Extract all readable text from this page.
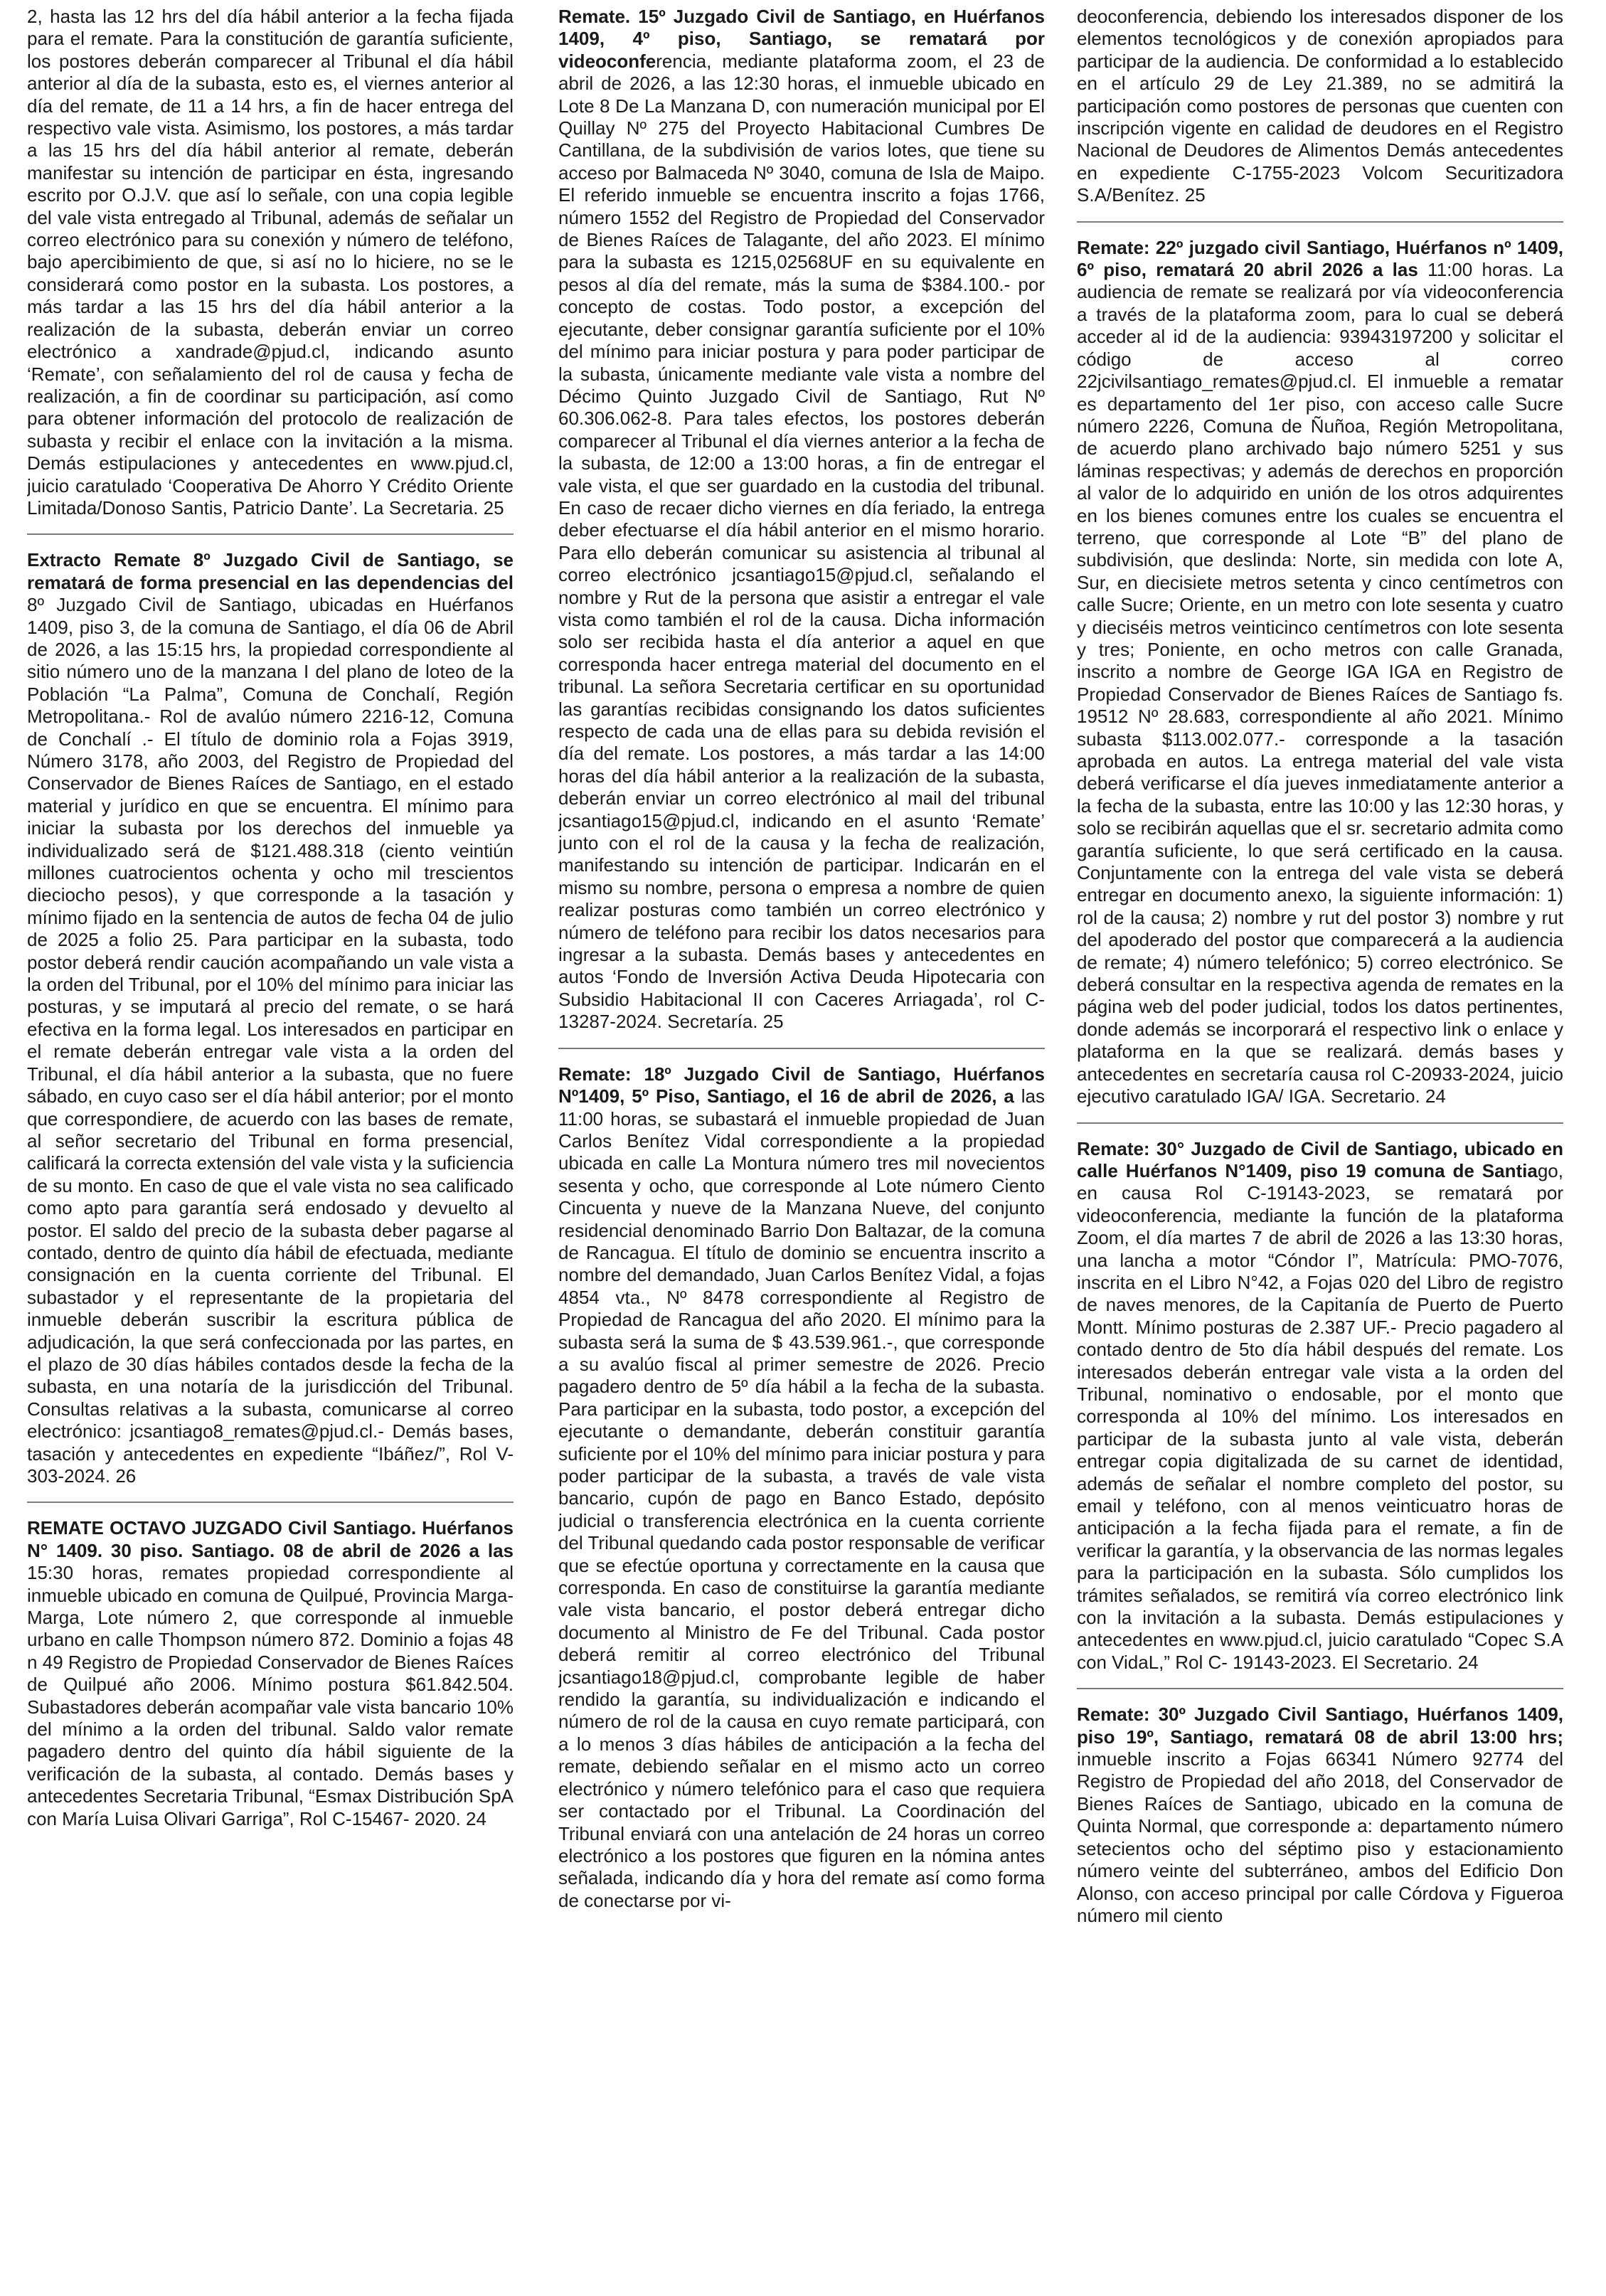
2, hasta las 12 hrs del día hábil anterior a la fecha fijada para el remate. Para la constitución de garantía suficiente, los postores deberán comparecer al Tribunal el día hábil anterior al día de la subasta, esto es, el viernes anterior al día del remate, de 11 a 14 hrs, a fin de hacer entrega del respectivo vale vista. Asimismo, los postores, a más tardar a las 15 hrs del día hábil anterior al remate, deberán manifestar su intención de participar en ésta, ingresando escrito por O.J.V. que así lo señale, con una copia legible del vale vista entregado al Tribunal, además de señalar un correo electrónico para su conexión y número de teléfono, bajo apercibimiento de que, si así no lo hiciere, no se le considerará como postor en la subasta. Los postores, a más tardar a las 15 hrs del día hábil anterior a la realización de la subasta, deberán enviar un correo electrónico a xandrade@pjud.cl, indicando asunto ‘Remate’, con señalamiento del rol de causa y fecha de realización, a fin de coordinar su participación, así como para obtener información del protocolo de realización de subasta y recibir el enlace con la invitación a la misma. Demás estipulaciones y antecedentes en www.pjud.cl, juicio caratulado ‘Cooperativa De Ahorro Y Crédito Oriente Limitada/Donoso Santis, Patricio Dante’. La Secretaria. 25

Extracto Remate 8º Juzgado Civil de Santiago, se rematará de forma presencial en las dependencias del 8º Juzgado Civil de Santiago, ubicadas en Huérfanos 1409, piso 3, de la comuna de Santiago, el día 06 de Abril de 2026, a las 15:15 hrs, la propiedad correspondiente al sitio número uno de la manzana I del plano de loteo de la Población “La Palma”, Comuna de Conchalí, Región Metropolitana.- Rol de avalúo número 2216-12, Comuna de Conchalí .- El título de dominio rola a Fojas 3919, Número 3178, año 2003, del Registro de Propiedad del Conservador de Bienes Raíces de Santiago, en el estado material y jurídico en que se encuentra. El mínimo para iniciar la subasta por los derechos del inmueble ya individualizado será de $121.488.318 (ciento veintiún millones cuatrocientos ochenta y ocho mil trescientos dieciocho pesos), y que corresponde a la tasación y mínimo fijado en la sentencia de autos de fecha 04 de julio de 2025 a folio 25. Para participar en la subasta, todo postor deberá rendir caución acompañando un vale vista a la orden del Tribunal, por el 10% del mínimo para iniciar las posturas, y se imputará al precio del remate, o se hará efectiva en la forma legal. Los interesados en participar en el remate deberán entregar vale vista a la orden del Tribunal, el día hábil anterior a la subasta, que no fuere sábado, en cuyo caso ser el día hábil anterior; por el monto que correspondiere, de acuerdo con las bases de remate, al señor secretario del Tribunal en forma presencial, calificará la correcta extensión del vale vista y la suficiencia de su monto. En caso de que el vale vista no sea calificado como apto para garantía será endosado y devuelto al postor. El saldo del precio de la subasta deber pagarse al contado, dentro de quinto día hábil de efectuada, mediante consignación en la cuenta corriente del Tribunal. El subastador y el representante de la propietaria del inmueble deberán suscribir la escritura pública de adjudicación, la que será confeccionada por las partes, en el plazo de 30 días hábiles contados desde la fecha de la subasta, en una notaría de la jurisdicción del Tribunal. Consultas relativas a la subasta, comunicarse al correo electrónico: jcsantiago8_remates@pjud.cl.- Demás bases, tasación y antecedentes en expediente “Ibáñez/”, Rol V-303-2024. 26

REMATE OCTAVO JUZGADO Civil Santiago. Huérfanos N° 1409. 30 piso. Santiago. 08 de abril de 2026 a las 15:30 horas, remates propiedad correspondiente al inmueble ubicado en comuna de Quilpué, Provincia Marga- Marga, Lote número 2, que corresponde al inmueble urbano en calle Thompson número 872. Dominio a fojas 48 n 49 Registro de Propiedad Conservador de Bienes Raíces de Quilpué año 2006. Mínimo postura $61.842.504. Subastadores deberán acompañar vale vista bancario 10% del mínimo a la orden del tribunal. Saldo valor remate pagadero dentro del quinto día hábil siguiente de la verificación de la subasta, al contado. Demás bases y antecedentes Secretaria Tribunal, “Esmax Distribución SpA con María Luisa Olivari Garriga”, Rol C-15467- 2020. 24

Remate. 15º Juzgado Civil de Santiago, en Huérfanos 1409, 4º piso, Santiago, se rematará por videoconferencia, mediante plataforma zoom, el 23 de abril de 2026, a las 12:30 horas, el inmueble ubicado en Lote 8 De La Manzana D, con numeración municipal por El Quillay Nº 275 del Proyecto Habitacional Cumbres De Cantillana, de la subdivisión de varios lotes, que tiene su acceso por Balmaceda Nº 3040, comuna de Isla de Maipo. El referido inmueble se encuentra inscrito a fojas 1766, número 1552 del Registro de Propiedad del Conservador de Bienes Raíces de Talagante, del año 2023. El mínimo para la subasta es 1215,02568UF en su equivalente en pesos al día del remate, más la suma de $384.100.- por concepto de costas. Todo postor, a excepción del ejecutante, deber consignar garantía suficiente por el 10% del mínimo para iniciar postura y para poder participar de la subasta, únicamente mediante vale vista a nombre del Décimo Quinto Juzgado Civil de Santiago, Rut Nº 60.306.062-8. Para tales efectos, los postores deberán comparecer al Tribunal el día viernes anterior a la fecha de la subasta, de 12:00 a 13:00 horas, a fin de entregar el vale vista, el que ser guardado en la custodia del tribunal. En caso de recaer dicho viernes en día feriado, la entrega deber efectuarse el día hábil anterior en el mismo horario. Para ello deberán comunicar su asistencia al tribunal al correo electrónico jcsantiago15@pjud.cl, señalando el nombre y Rut de la persona que asistir a entregar el vale vista como también el rol de la causa. Dicha información solo ser recibida hasta el día anterior a aquel en que corresponda hacer entrega material del documento en el tribunal. La señora Secretaria certificar en su oportunidad las garantías recibidas consignando los datos suficientes respecto de cada una de ellas para su debida revisión el día del remate. Los postores, a más tardar a las 14:00 horas del día hábil anterior a la realización de la subasta, deberán enviar un correo electrónico al mail del tribunal jcsantiago15@pjud.cl, indicando en el asunto ‘Remate’ junto con el rol de la causa y la fecha de realización, manifestando su intención de participar. Indicarán en el mismo su nombre, persona o empresa a nombre de quien realizar posturas como también un correo electrónico y número de teléfono para recibir los datos necesarios para ingresar a la subasta. Demás bases y antecedentes en autos ‘Fondo de Inversión Activa Deuda Hipotecaria con Subsidio Habitacional II con Caceres Arriagada’, rol C-13287-2024. Secretaría. 25

Remate: 18º Juzgado Civil de Santiago, Huérfanos Nº1409, 5º Piso, Santiago, el 16 de abril de 2026, a las 11:00 horas, se subastará el inmueble propiedad de Juan Carlos Benítez Vidal correspondiente a la propiedad ubicada en calle La Montura número tres mil novecientos sesenta y ocho, que corresponde al Lote número Ciento Cincuenta y nueve de la Manzana Nueve, del conjunto residencial denominado Barrio Don Baltazar, de la comuna de Rancagua. El título de dominio se encuentra inscrito a nombre del demandado, Juan Carlos Benítez Vidal, a fojas 4854 vta., Nº 8478 correspondiente al Registro de Propiedad de Rancagua del año 2020. El mínimo para la subasta será la suma de $ 43.539.961.-, que corresponde a su avalúo fiscal al primer semestre de 2026. Precio pagadero dentro de 5º día hábil a la fecha de la subasta. Para participar en la subasta, todo postor, a excepción del ejecutante o demandante, deberán constituir garantía suficiente por el 10% del mínimo para iniciar postura y para poder participar de la subasta, a través de vale vista bancario, cupón de pago en Banco Estado, depósito judicial o transferencia electrónica en la cuenta corriente del Tribunal quedando cada postor responsable de verificar que se efectúe oportuna y correctamente en la causa que corresponda. En caso de constituirse la garantía mediante vale vista bancario, el postor deberá entregar dicho documento al Ministro de Fe del Tribunal. Cada postor deberá remitir al correo electrónico del Tribunal jcsantiago18@pjud.cl, comprobante legible de haber rendido la garantía, su individualización e indicando el número de rol de la causa en cuyo remate participará, con a lo menos 3 días hábiles de anticipación a la fecha del remate, debiendo señalar en el mismo acto un correo electrónico y número telefónico para el caso que requiera ser contactado por el Tribunal. La Coordinación del Tribunal enviará con una antelación de 24 horas un correo electrónico a los postores que figuren en la nómina antes señalada, indicando día y hora del remate así como forma de conectarse por vi-

deoconferencia, debiendo los interesados disponer de los elementos tecnológicos y de conexión apropiados para participar de la audiencia. De conformidad a lo establecido en el artículo 29 de Ley 21.389, no se admitirá la participación como postores de personas que cuenten con inscripción vigente en calidad de deudores en el Registro Nacional de Deudores de Alimentos Demás antecedentes en expediente C-1755-2023 Volcom Securitizadora S.A/Benítez. 25

Remate: 22º juzgado civil Santiago, Huérfanos nº 1409, 6º piso, rematará 20 abril 2026 a las 11:00 horas. La audiencia de remate se realizará por vía videoconferencia a través de la plataforma zoom, para lo cual se deberá acceder al id de la audiencia: 93943197200 y solicitar el código de acceso al correo 22jcivilsantiago_remates@pjud.cl. El inmueble a rematar es departamento del 1er piso, con acceso calle Sucre número 2226, Comuna de Ñuñoa, Región Metropolitana, de acuerdo plano archivado bajo número 5251 y sus láminas respectivas; y además de derechos en proporción al valor de lo adquirido en unión de los otros adquirentes en los bienes comunes entre los cuales se encuentra el terreno, que corresponde al Lote “B” del plano de subdivisión, que deslinda: Norte, sin medida con lote A, Sur, en diecisiete metros setenta y cinco centímetros con calle Sucre; Oriente, en un metro con lote sesenta y cuatro y dieciséis metros veinticinco centímetros con lote sesenta y tres; Poniente, en ocho metros con calle Granada, inscrito a nombre de George IGA IGA en Registro de Propiedad Conservador de Bienes Raíces de Santiago fs. 19512 Nº 28.683, correspondiente al año 2021. Mínimo subasta $113.002.077.- corresponde a la tasación aprobada en autos. La entrega material del vale vista deberá verificarse el día jueves inmediatamente anterior a la fecha de la subasta, entre las 10:00 y las 12:30 horas, y solo se recibirán aquellas que el sr. secretario admita como garantía suficiente, lo que será certificado en la causa. Conjuntamente con la entrega del vale vista se deberá entregar en documento anexo, la siguiente información: 1) rol de la causa; 2) nombre y rut del postor 3) nombre y rut del apoderado del postor que comparecerá a la audiencia de remate; 4) número telefónico; 5) correo electrónico. Se deberá consultar en la respectiva agenda de remates en la página web del poder judicial, todos los datos pertinentes, donde además se incorporará el respectivo link o enlace y plataforma en la que se realizará. demás bases y antecedentes en secretaría causa rol C-20933-2024, juicio ejecutivo caratulado IGA/ IGA. Secretario. 24

Remate: 30° Juzgado de Civil de Santiago, ubicado en calle Huérfanos N°1409, piso 19 comuna de Santiago, en causa Rol C-19143-2023, se rematará por videoconferencia, mediante la función de la plataforma Zoom, el día martes 7 de abril de 2026 a las 13:30 horas, una lancha a motor “Cóndor I”, Matrícula: PMO-7076, inscrita en el Libro N°42, a Fojas 020 del Libro de registro de naves menores, de la Capitanía de Puerto de Puerto Montt. Mínimo posturas de 2.387 UF.- Precio pagadero al contado dentro de 5to día hábil después del remate. Los interesados deberán entregar vale vista a la orden del Tribunal, nominativo o endosable, por el monto que corresponda al 10% del mínimo. Los interesados en participar de la subasta junto al vale vista, deberán entregar copia digitalizada de su carnet de identidad, además de señalar el nombre completo del postor, su email y teléfono, con al menos veinticuatro horas de anticipación a la fecha fijada para el remate, a fin de verificar la garantía, y la observancia de las normas legales para la participación en la subasta. Sólo cumplidos los trámites señalados, se remitirá vía correo electrónico link con la invitación a la subasta. Demás estipulaciones y antecedentes en www.pjud.cl, juicio caratulado “Copec S.A con VidaL,” Rol C- 19143-2023. El Secretario. 24

Remate: 30º Juzgado Civil Santiago, Huérfanos 1409, piso 19º, Santiago, rematará 08 de abril 13:00 hrs; inmueble inscrito a Fojas 66341 Número 92774 del Registro de Propiedad del año 2018, del Conservador de Bienes Raíces de Santiago, ubicado en la comuna de Quinta Normal, que corresponde a: departamento número setecientos ocho del séptimo piso y estacionamiento número veinte del subterráneo, ambos del Edificio Don Alonso, con acceso principal por calle Córdova y Figueroa número mil ciento
